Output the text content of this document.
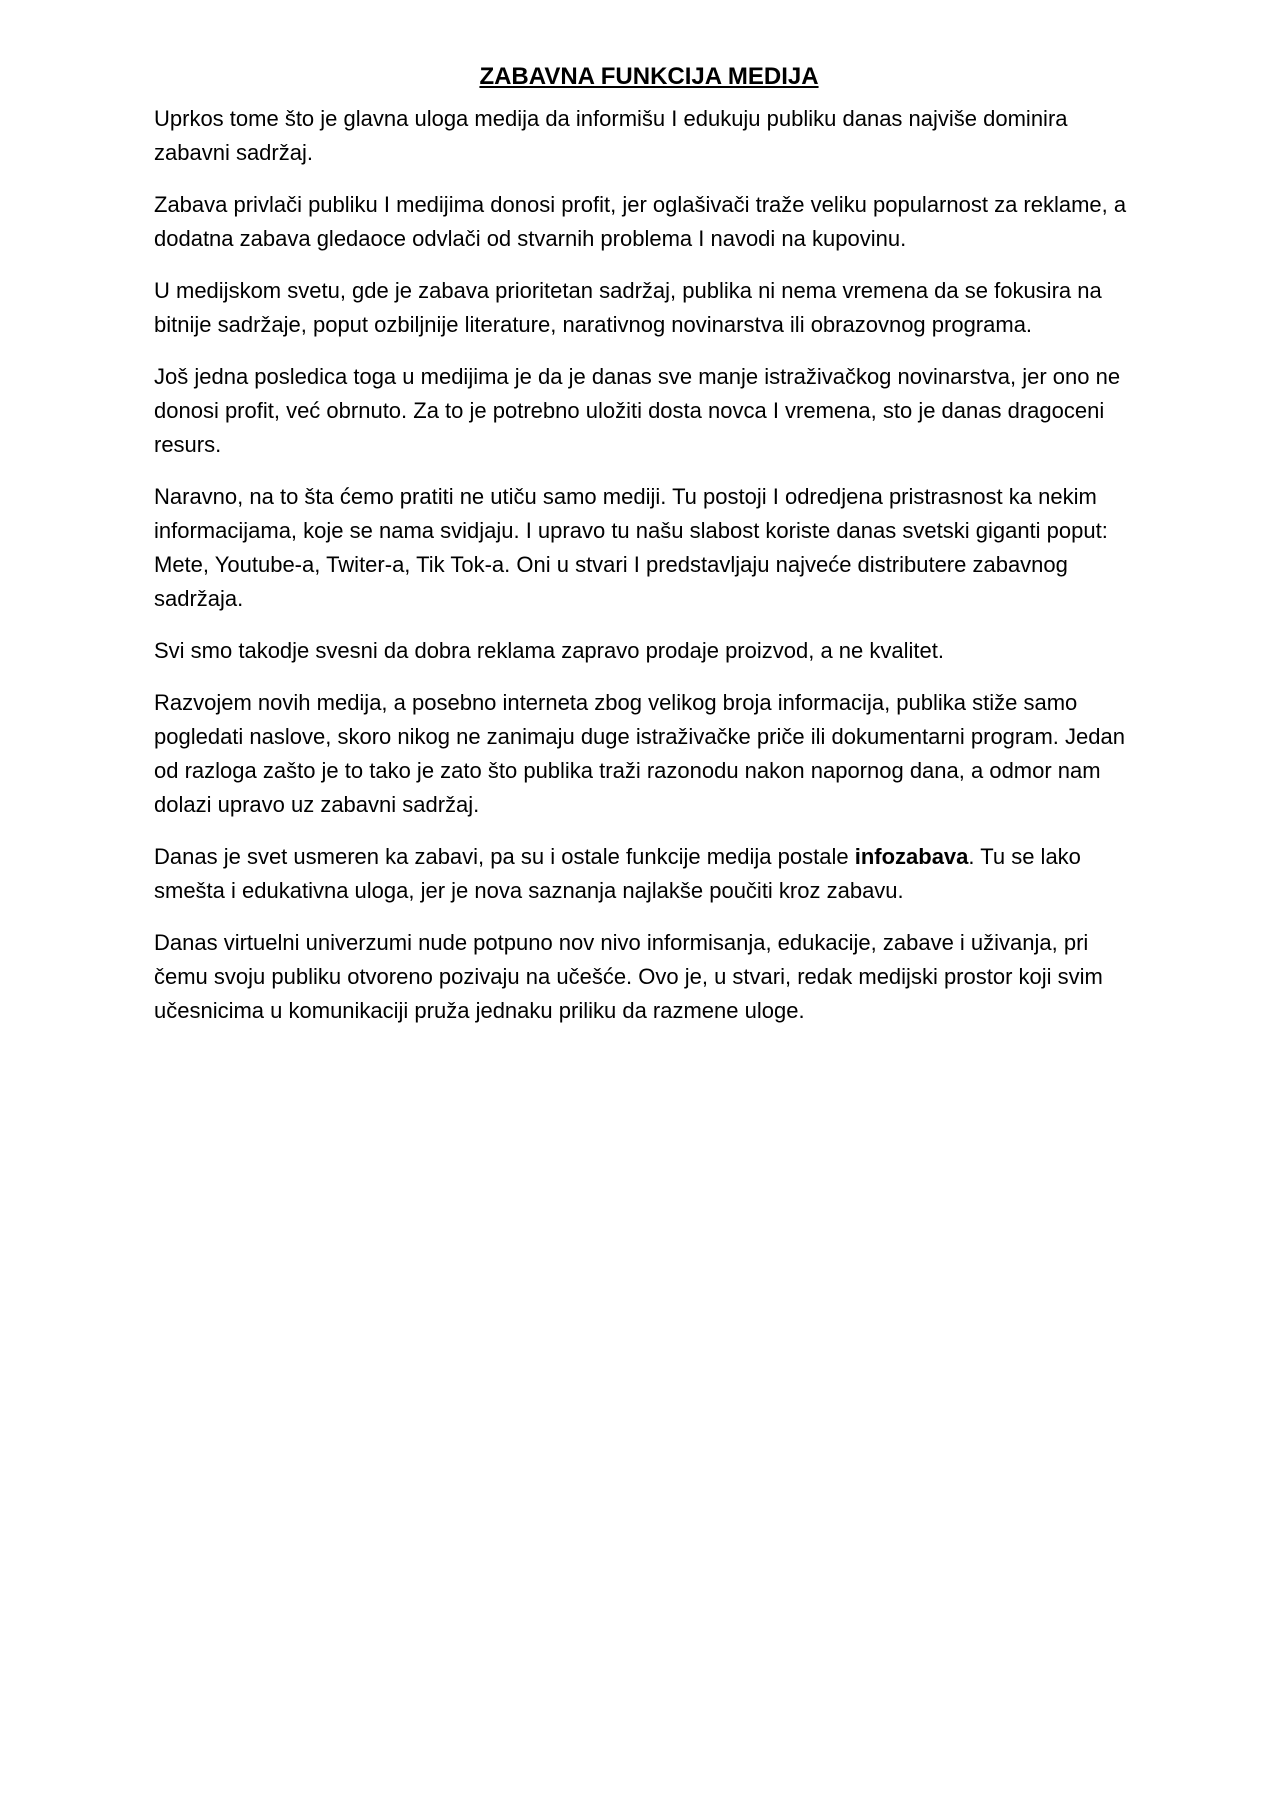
ZABAVNA FUNKCIJA MEDIJA

Uprkos tome što je glavna uloga medija da informišu I edukuju publiku danas najviše dominira zabavni sadržaj.

Zabava privlači publiku I medijima donosi profit, jer oglašivači traže veliku popularnost za reklame, a dodatna zabava gledaoce odvlači od stvarnih problema I navodi na kupovinu.

U medijskom svetu, gde je zabava prioritetan sadržaj, publika ni nema vremena da se fokusira na bitnije sadržaje, poput ozbiljnije literature, narativnog novinarstva ili obrazovnog programa.

Još jedna posledica toga u medijima je da je danas sve manje istraživačkog novinarstva, jer ono ne donosi profit, već obrnuto. Za to je potrebno uložiti dosta novca I vremena, sto je danas dragoceni resurs.

Naravno, na to šta ćemo pratiti ne utiču samo mediji. Tu postoji I odredjena pristrasnost ka nekim informacijama, koje se nama svidjaju. I upravo tu našu slabost koriste danas svetski giganti poput: Mete, Youtube-a, Twiter-a, Tik Tok-a. Oni u stvari I predstavljaju najveće distributere zabavnog sadržaja.

Svi smo takodje svesni da dobra reklama zapravo prodaje proizvod, a ne kvalitet.

Razvojem novih medija, a posebno interneta zbog velikog broja informacija, publika stiže samo pogledati naslove, skoro nikog ne zanimaju duge istraživačke priče ili dokumentarni program. Jedan od razloga zašto je to tako je zato što publika traži razonodu nakon napornog dana, a odmor nam dolazi upravo uz zabavni sadržaj.

Danas je svet usmeren ka zabavi, pa su i ostale funkcije medija postale infozabava. Tu se lako smešta i edukativna uloga, jer je nova saznanja najlakše poučiti kroz zabavu.

Danas virtuelni univerzumi nude potpuno nov nivo informisanja, edukacije, zabave i uživanja, pri čemu svoju publiku otvoreno pozivaju na učešće. Ovo je, u stvari, redak medijski prostor koji svim učesnicima u komunikaciji pruža jednaku priliku da razmene uloge.
